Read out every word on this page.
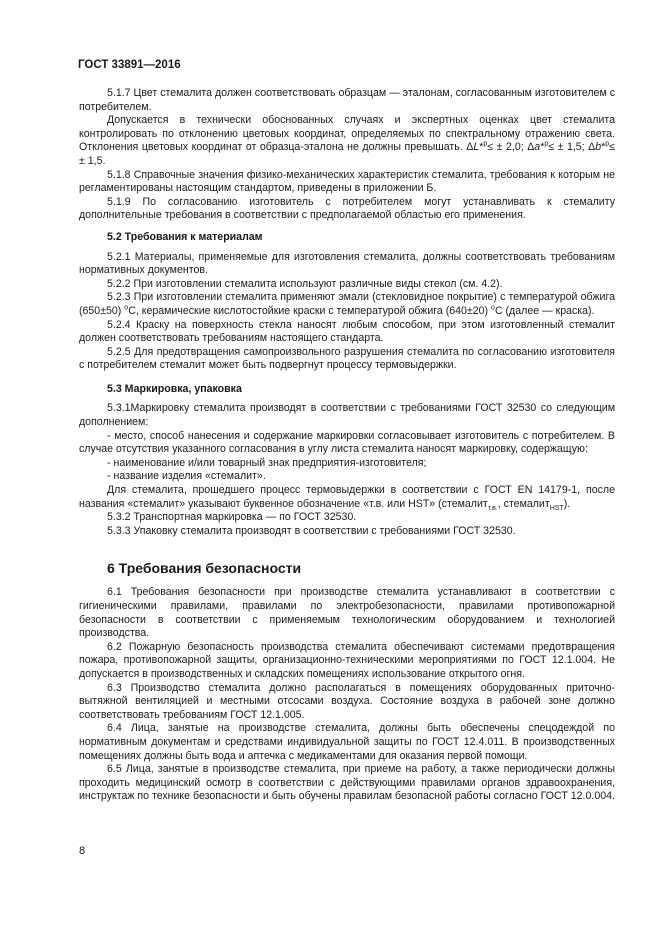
ГОСТ 33891—2016

5.1.7 Цвет стемалита должен соответствовать образцам — эталонам, согласованным изготовителем с потребителем.

Допускается в технически обоснованных случаях и экспертных оценках цвет стемалита контролировать по отклонению цветовых координат, определяемых по спектральному отражению света. Отклонения цветовых координат от образца-эталона не должны превышать. ΔL*$^р$≤ ± 2,0; Δa*$^р$≤ ± 1,5; Δb*$^р$≤ ± 1,5.

5.1.8 Справочные значения физико-механических характеристик стемалита, требования к которым не регламентированы настоящим стандартом, приведены в приложении Б.

5.1.9 По согласованию изготовитель с потребителем могут устанавливать к стемалиту дополнительные требования в соответствии с предполагаемой областью его применения.

5.2 Требования к материалам

5.2.1 Материалы, применяемые для изготовления стемалита, должны соответствовать требованиям нормативных документов.

5.2.2 При изготовлении стемалита используют различные виды стекол (см. 4.2).

5.2.3 При изготовлении стемалита применяют эмали (стекловидное покрытие) с температурой обжига (650±50) $^о$С, керамические кислотостойкие краски с температурой обжига (640±20) $^о$С (далее — краска).

5.2.4 Краску на поверхность стекла наносят любым способом, при этом изготовленный стемалит должен соответствовать требованиям настоящего стандарта.

5.2.5 Для предотвращения самопроизвольного разрушения стемалита по согласованию изготовителя с потребителем стемалит может быть подвергнут процессу термовыдержки.

5.3 Маркировка, упаковка

5.3.1Маркировку стемалита производят в соответствии с требованиями ГОСТ 32530 со следующим дополнением:

- место, способ нанесения и содержание маркировки согласовывает изготовитель с потребителем. В случае отсутствия указанного согласования в углу листа стемалита наносят маркировку, содержащую:

- наименование и/или товарный знак предприятия-изготовителя;

- название изделия «стемалит».

Для стемалита, прошедшего процесс термовыдержки в соответствии с ГОСТ EN 14179-1, после названия «стемалит» указывают буквенное обозначение «т.в. или HST» (стемалит$_{т.в.}$, стемалит$_{HST}$).

5.3.2 Транспортная маркировка — по ГОСТ 32530.

5.3.3 Упаковку стемалита производят в соответствии с требованиями ГОСТ 32530.

6 Требования безопасности

6.1 Требования безопасности при производстве стемалита устанавливают в соответствии с гигиеническими правилами, правилами по электробезопасности, правилами противопожарной безопасности в соответствии с применяемым технологическим оборудованием и технологией производства.

6.2 Пожарную безопасность производства стемалита обеспечивают системами предотвращения пожара, противопожарной защиты, организационно-техническими мероприятиями по ГОСТ 12.1.004. Не допускается в производственных и складских помещениях использование открытого огня.

6.3 Производство стемалита должно располагаться в помещениях оборудованных приточно-вытяжной вентиляцией и местными отсосами воздуха. Состояние воздуха в рабочей зоне должно соответствовать требованиям ГОСТ 12.1.005.

6.4 Лица, занятые на производстве стемалита, должны быть обеспечены спецодеждой по нормативным документам и средствами индивидуальной защиты по ГОСТ 12.4.011. В производственных помещениях должны быть вода и аптечка с медикаментами для оказания первой помощи.

6.5 Лица, занятые в производстве стемалита, при приеме на работу, а также периодически должны проходить медицинский осмотр в соответствии с действующими правилами органов здравоохранения, инструктаж по технике безопасности и быть обучены правилам безопасной работы согласно ГОСТ 12.0.004.

8
